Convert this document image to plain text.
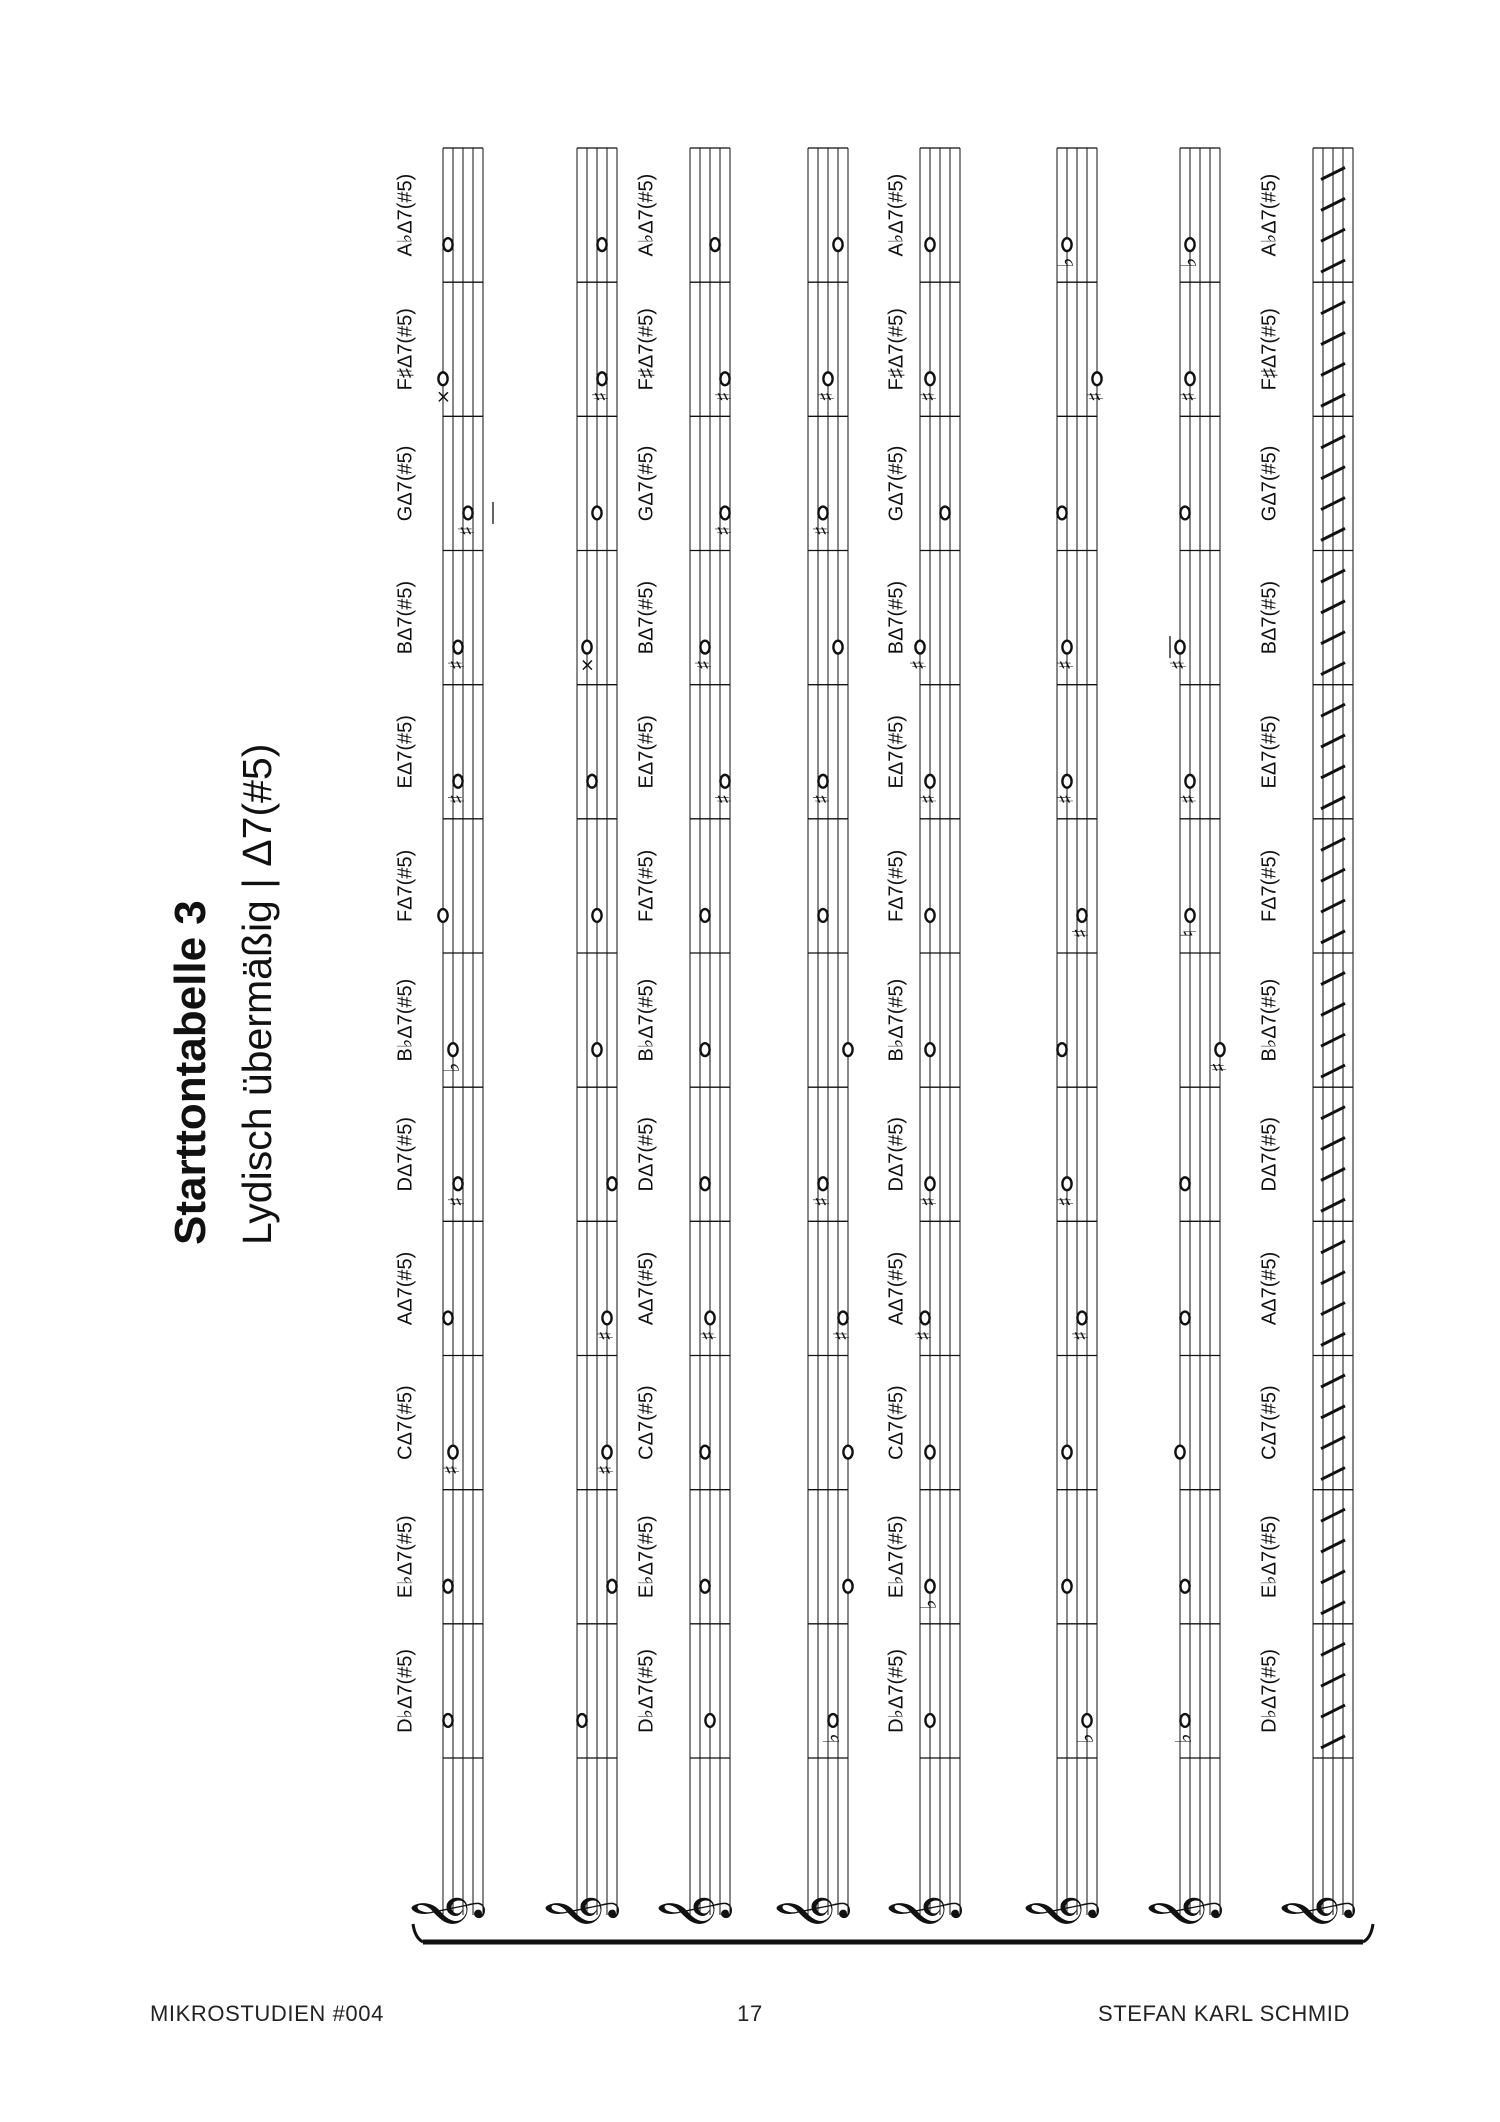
𝄞 𝄞 𝄞 𝄞 𝄞 𝄞 𝄞 𝄞
♯
♯
♭
♯
♯
♯
×
♯
♯
×
♯
♯
♯
♯
♯
♯
♭
♯
♯
♯
♯
♯
♭
♯
♯
♯
♯
♯
♭
♯
♯
♯
♯
♯
♯
♭
♭
♯
♮
♯
♯
♯
♭
D♭Δ7(#5)
E♭Δ7(#5)
CΔ7(#5)
AΔ7(#5)
DΔ7(#5)
B♭Δ7(#5)
FΔ7(#5)
EΔ7(#5)
BΔ7(#5)
GΔ7(#5)
F♯Δ7(#5)
A♭Δ7(#5)
D♭Δ7(#5)
E♭Δ7(#5)
CΔ7(#5)
AΔ7(#5)
DΔ7(#5)
B♭Δ7(#5)
FΔ7(#5)
EΔ7(#5)
BΔ7(#5)
GΔ7(#5)
F♯Δ7(#5)
A♭Δ7(#5)
D♭Δ7(#5)
E♭Δ7(#5)
CΔ7(#5)
AΔ7(#5)
DΔ7(#5)
B♭Δ7(#5)
FΔ7(#5)
EΔ7(#5)
BΔ7(#5)
GΔ7(#5)
F♯Δ7(#5)
A♭Δ7(#5)
D♭Δ7(#5)
E♭Δ7(#5)
CΔ7(#5)
AΔ7(#5)
DΔ7(#5)
B♭Δ7(#5)
FΔ7(#5)
EΔ7(#5)
BΔ7(#5)
GΔ7(#5)
F♯Δ7(#5)
A♭Δ7(#5)
Starttontabelle 3 Lydisch übermäßig | Δ7(#5)
MIKROSTUDIEN #004	17	STEFAN KARL SCHMID
